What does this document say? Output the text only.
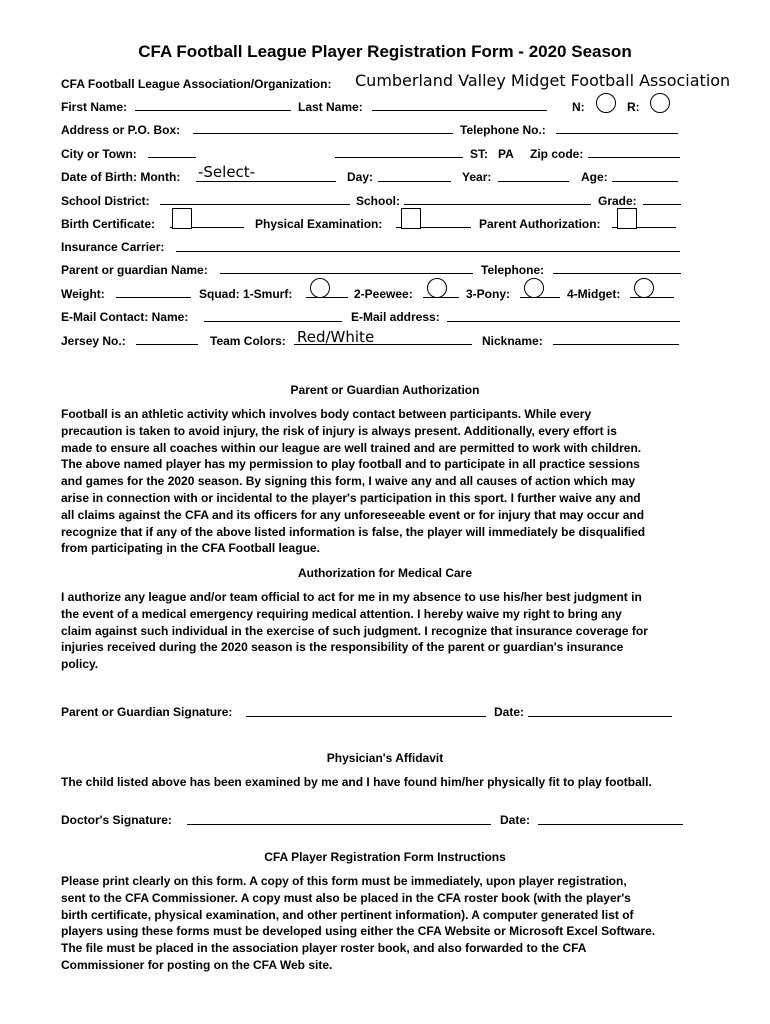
CFA Football League Player Registration Form - 2020 Season
CFA Football League Association/Organization: Cumberland Valley Midget Football Association
First Name:	Last Name:	N:	R:
Address or P.O. Box:	Telephone No.:
City or Town:	ST: PA Zip code:
Date of Birth: Month: -Select-	Day:	Year:	Age:
School District:	School:	Grade:
Birth Certificate:	Physical Examination:	Parent Authorization:
Insurance Carrier:
Parent or guardian Name:	Telephone:
Weight:	Squad: 1-Smurf:	2-Peewee:	3-Pony:	4-Midget:
E-Mail Contact: Name:	E-Mail address:
Jersey No.:	Team Colors: Red/White	Nickname:
Parent or Guardian Authorization
Football is an athletic activity which involves body contact between participants. While every
precaution is taken to avoid injury, the risk of injury is always present. Additionally, every effort is
made to ensure all coaches within our league are well trained and are permitted to work with children.
The above named player has my permission to play football and to participate in all practice sessions
and games for the 2020 season. By signing this form, I waive any and all causes of action which may
arise in connection with or incidental to the player's participation in this sport. I further waive any and
all claims against the CFA and its officers for any unforeseeable event or for injury that may occur and
recognize that if any of the above listed information is false, the player will immediately be disqualified
from participating in the CFA Football league.
Authorization for Medical Care
I authorize any league and/or team official to act for me in my absence to use his/her best judgment in
the event of a medical emergency requiring medical attention. I hereby waive my right to bring any
claim against such individual in the exercise of such judgment. I recognize that insurance coverage for
injuries received during the 2020 season is the responsibility of the parent or guardian's insurance
policy.
Parent or Guardian Signature:	Date:
Physician's Affidavit
The child listed above has been examined by me and I have found him/her physically fit to play football.
Doctor's Signature:	Date:
CFA Player Registration Form Instructions
Please print clearly on this form. A copy of this form must be immediately, upon player registration,
sent to the CFA Commissioner. A copy must also be placed in the CFA roster book (with the player's
birth certificate, physical examination, and other pertinent information). A computer generated list of
players using these forms must be developed using either the CFA Website or Microsoft Excel Software.
The file must be placed in the association player roster book, and also forwarded to the CFA
Commissioner for posting on the CFA Web site.
